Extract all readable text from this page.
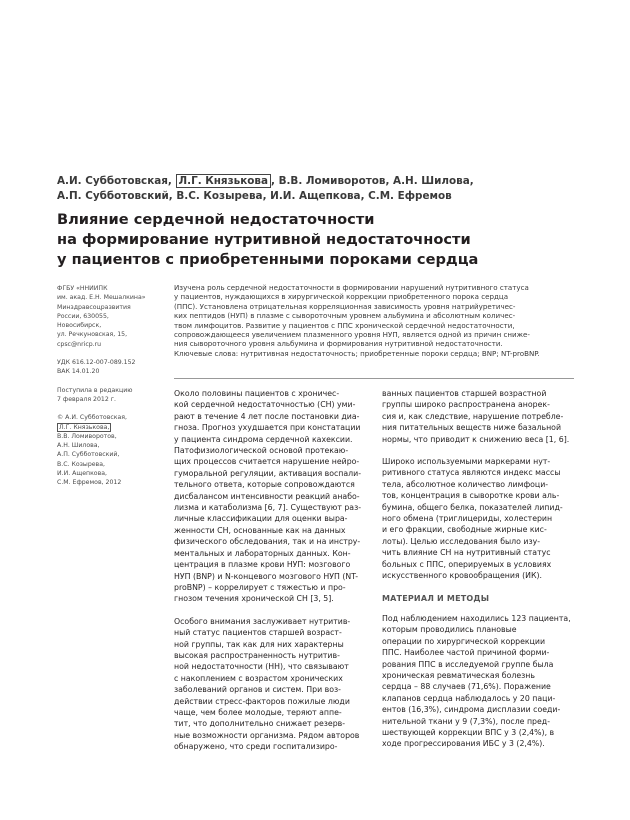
А.И. Субботовская, Л.Г. Князькова , В.В. Ломиворотов, А.Н. Шилова,
А.П. Субботовский, В.С. Козырева, И.И. Ащепкова, С.М. Ефремов
Влияние сердечной недостаточности
на формирование нутритивной недостаточности
у пациентов с приобретенными пороками сердца
ФГБУ «ННИИПК
им. акад. Е.Н. Мешалкина»
Минздравсоцразвития
России, 630055,
Новосибирск,
ул. Речкуновская, 15,
cpsc@nricp.ru
УДК 616.12-007-089.152
ВАК 14.01.20
Поступила в редакцию
7 февраля 2012 г.
© А.И. Субботовская,
Л.Г. Князькова,
В.В. Ломиворотов,
А.Н. Шилова,
А.П. Субботовский,
В.С. Козырева,
И.И. Ащепкова,
С.М. Ефремов, 2012
Изучена роль сердечной недостаточности в формировании нарушений нутритивного статуса
у пациентов, нуждающихся в хирургической коррекции приобретенного порока сердца
(ППС). Установлена отрицательная корреляционная зависимость уровня натрийуретичес-
ких пептидов (НУП) в плазме с сывороточным уровнем альбумина и абсолютным количес-
твом лимфоцитов. Развитие у пациентов с ППС хронической сердечной недостаточности,
сопровождающееся увеличением плазменного уровня НУП, является одной из причин сниже-
ния сывороточного уровня альбумина и формирования нутритивной недостаточности.
Ключевые слова: нутритивная недостаточность; приобретенные пороки сердца; BNP; NT-proBNP.

Около половины пациентов с хроничес-
кой сердечной недостаточностью (СН) уми-
рают в течение 4 лет после постановки диа-
гноза. Прогноз ухудшается при констатации
у пациента синдрома сердечной кахексии.
Патофизиологической основой протекаю-
щих процессов считается нарушение нейро-
гуморальной регуляции, активация воспали-
тельного ответа, которые сопровождаются
дисбалансом интенсивности реакций анабо-
лизма и катаболизма [6, 7]. Существуют раз-
личные классификации для оценки выра-
женности СН, основанные как на данных
физического обследования, так и на инстру-
ментальных и лабораторных данных. Кон-
центрация в плазме крови НУП: мозгового
НУП (BNP) и N-концевого мозгового НУП (NT-
proBNP) – коррелирует с тяжестью и про-
гнозом течения хронической СН [3, 5].

Особого внимания заслуживает нутритив-
ный статус пациентов старшей возраст-
ной группы, так как для них характерны
высокая распространенность нутритив-
ной недостаточности (НН), что связывают
с накоплением с возрастом хронических
заболеваний органов и систем. При воз-
действии стресс-факторов пожилые люди
чаще, чем более молодые, теряют аппе-
тит, что дополнительно снижает резерв-
ные возможности организма. Рядом авторов
обнаружено, что среди госпитализиро-

ванных пациентов старшей возрастной
группы широко распространена анорек-
сия и, как следствие, нарушение потребле-
ния питательных веществ ниже базальной
нормы, что приводит к снижению веса [1, 6].

Широко используемыми маркерами нут-
ритивного статуса являются индекс массы
тела, абсолютное количество лимфоци-
тов, концентрация в сыворотке крови аль-
бумина, общего белка, показателей липид-
ного обмена (триглицериды, холестерин
и его фракции, свободные жирные кис-
лоты). Целью исследования было изу-
чить влияние СН на нутритивный статус
больных с ППС, оперируемых в условиях
искусственного кровообращения (ИК).

МАТЕРИАЛ И МЕТОДЫ

Под наблюдением находились 123 пациента,
которым проводились плановые
операции по хирургической коррекции
ППС. Наиболее частой причиной форми-
рования ППС в исследуемой группе была
хроническая ревматическая болезнь
сердца – 88 случаев (71,6%). Поражение
клапанов сердца наблюдалось у 20 паци-
ентов (16,3%), синдрома дисплазии соеди-
нительной ткани у 9 (7,3%), после пред-
шествующей коррекции ВПС у 3 (2,4%), в
ходе прогрессирования ИБС у 3 (2,4%).
